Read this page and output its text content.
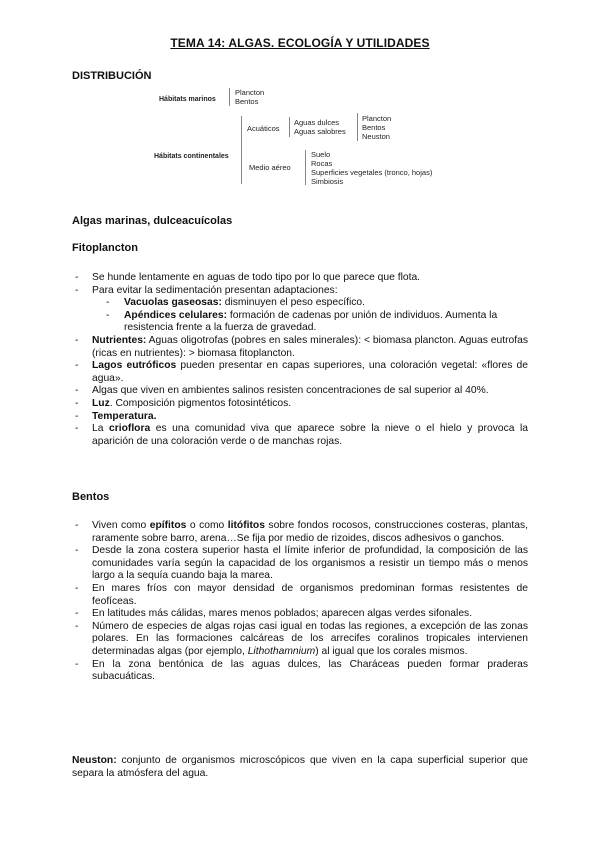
TEMA 14: ALGAS. ECOLOGÍA Y UTILIDADES
DISTRIBUCIÓN
Hábitats marinos
Plancton
Bentos
Hábitats continentales
Acuáticos
Aguas dulces
Aguas salobres
Plancton
Bentos
Neuston
Medio aéreo
Suelo
Rocas
Superficies vegetales (tronco, hojas)
Simbiosis
Algas marinas, dulceacuícolas
Fitoplancton
- Se hunde lentamente en aguas de todo tipo por lo que parece que flota.
- Para evitar la sedimentación presentan adaptaciones:
- Vacuolas gaseosas: disminuyen el peso específico.
- Apéndices celulares: formación de cadenas por unión de individuos. Aumenta la
resistencia frente a la fuerza de gravedad.
- Nutrientes: Aguas oligotrofas (pobres en sales minerales): < biomasa plancton. Aguas eutrofas (ricas en nutrientes): > biomasa fitoplancton.
- Lagos eutróficos pueden presentar en capas superiores, una coloración vegetal: «flores de agua».
- Algas que viven en ambientes salinos resisten concentraciones de sal superior al 40%.
- Luz. Composición pigmentos fotosintéticos.
- Temperatura.
- La crioflora es una comunidad viva que aparece sobre la nieve o el hielo y provoca la aparición de una coloración verde o de manchas rojas.
Bentos
- Viven como epífitos o como litófitos sobre fondos rocosos, construcciones costeras, plantas, raramente sobre barro, arena…Se fija por medio de rizoides, discos adhesivos o ganchos.
- Desde la zona costera superior hasta el límite inferior de profundidad, la composición de las comunidades varía según la capacidad de los organismos a resistir un tiempo más o menos largo a la sequía cuando baja la marea.
- En mares fríos con mayor densidad de organismos predominan formas resistentes de feofíceas.
- En latitudes más cálidas, mares menos poblados; aparecen algas verdes sifonales.
- Número de especies de algas rojas casi igual en todas las regiones, a excepción de las zonas polares. En las formaciones calcáreas de los arrecifes coralinos tropicales intervienen determinadas algas (por ejemplo, Lithothamnium) al igual que los corales mismos.
- En la zona bentónica de las aguas dulces, las Charáceas pueden formar praderas subacuáticas.
Neuston: conjunto de organismos microscópicos que viven en la capa superficial superior que separa la atmósfera del agua.
